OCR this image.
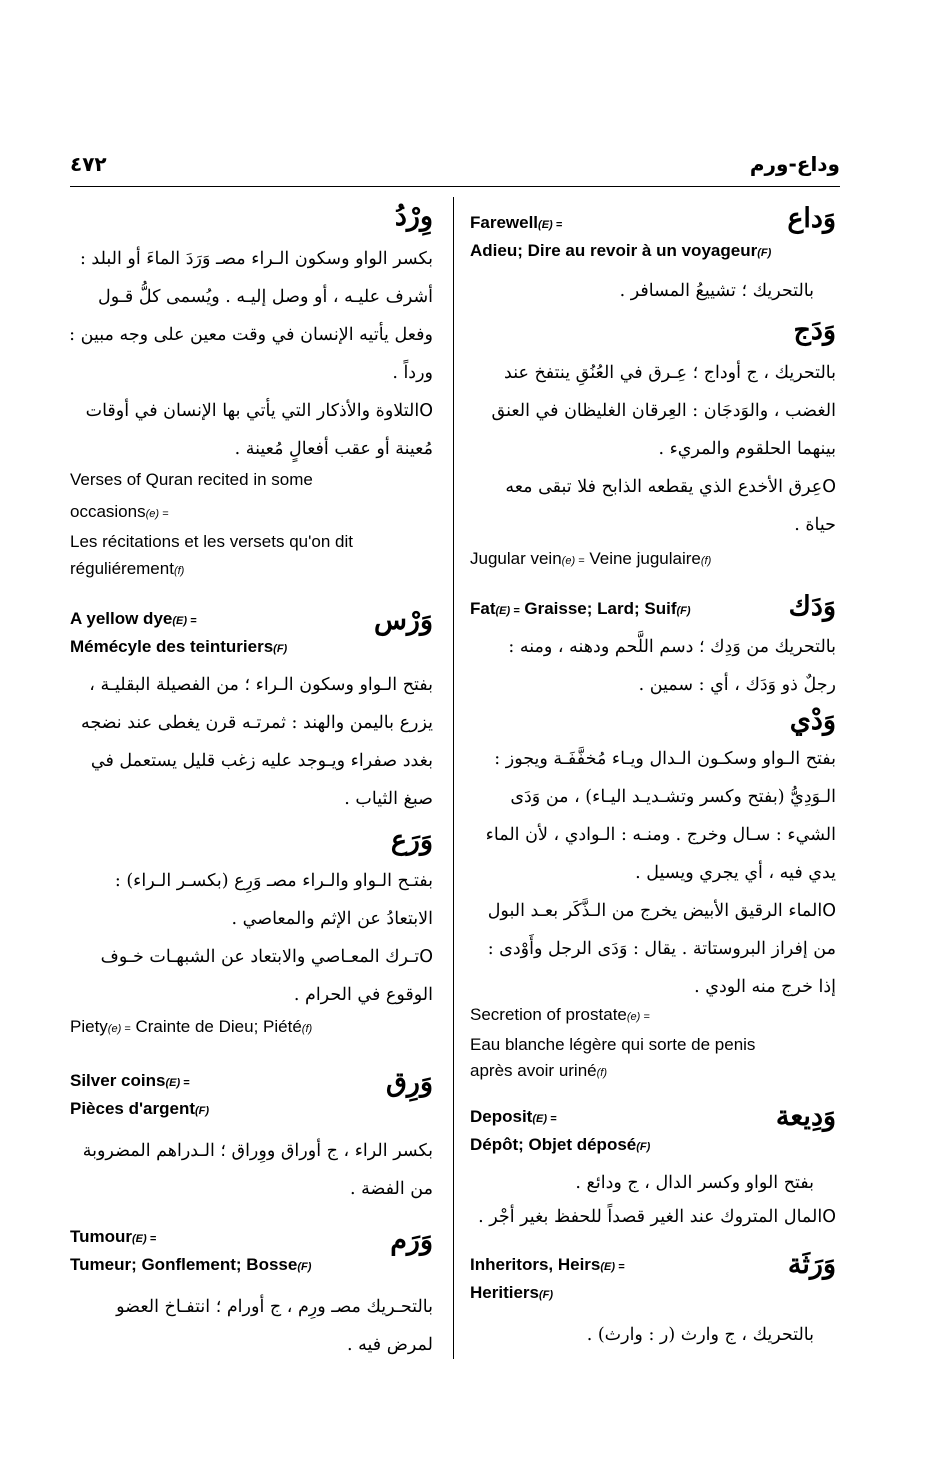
٤٧٢	وداع-ورم
وَداع
Farewell(E) =
Adieu; Dire au revoir à un voyageur(F)
بالتحريك ؛ تشييعُ المسافر .
وَدَج
بالتحريك ، ج أوداج ؛ عِـرق في العُنُقِ ينتفخ عند
الغضب ، والوَدجَان : العِرقان الغليظان في العنق
بينهما الحلقوم والمريء .
Oعِرق الأخدع الذي يقطعه الذابح فلا تبقى معه
حياة .
Jugular vein(e) = Veine jugulaire(f)
وَدَك
Fat(E) = Graisse; Lard; Suif(F)
بالتحريك من وَدِك ؛ دسم اللَّحم ودهنه ، ومنه :
رجلٌ ذو وَدَك ، أي : سمين .
وَدْي
بفتح الـواو وسكـون الـدال ويـاء مُخفَّفَـة ويجوز :
الـوَدِيُّ (بفتح وكسر وتشـديـد اليـاء) ، من وَدَى
الشيء : سـال وخرج . ومنـه : الـوادي ، لأن الماء
يدي فيه ، أي يجري ويسيل .
Oالماء الرقيق الأبيض يخرج من الـذَّكَر بعـد البول
من إفراز البروستاتة . يقال : وَدَى الرجل وأَوْدى :
إذا خرج منه الودي .
Secretion of prostate(e) =
Eau blanche légère qui sorte de penis
après avoir uriné(f)
وَدِيعة
Deposit(E) =
Dépôt; Objet déposé(F)
بفتح الواو وكسر الدال ، ج ودائع .
Oالمال المتروك عند الغير قصداً للحفظ بغير أجْر .
وَرَثَة
Inheritors, Heirs(E) =
Heritiers(F)
بالتحريك ، ج وارث (ر : وارث) .
وِرْدُ
بكسر الواو وسكون الـراء مصـ وَرَدَ الماءَ أو البلد :
أشرف عليـه ، أو وصل إليـه . ويُسمى كلُّ قـول
وفعل يأتيه الإنسان في وقت معين على وجه مبين :
ورداً .
Oالتلاوة والأذكار التي يأتي بها الإنسان في أوقات
مُعينة أو عقب أفعالٍ مُعينة .
Verses of Quran recited in some
occasions(e) =
Les récitations et les versets qu'on dit
réguliérement(f)
وَرْس
A yellow dye(E) =
Mémécyle des teinturiers(F)
بفتح الـواو وسكون الـراء ؛ من الفصيلة البقليـة ،
يزرع باليمن والهند : ثمرتـه قرن يغطى عند نضجه
بغدد صفراء ويـوجد عليه زغب قليل يستعمل في
صبغ الثياب .
وَرَع
بفتـح الـواو والـراء مصـ وَرِع (بكسـر الـراء) :
الابتعادُ عن الإثم والمعاصي .
Oتـرك المعـاصي والابتعاد عن الشبهـات خـوف
الوقوع في الحرام .
Piety(e) = Crainte de Dieu; Piété(f)
وَرِق
Silver coins(E) =
Pièces d'argent(F)
بكسر الراء ، ج أوراق ووِراق ؛ الـدراهم المضروبة
من الفضة .
وَرَم
Tumour(E) =
Tumeur; Gonflement; Bosse(F)
بالتحـريك مصـ ورِم ، ج أورام ؛ انتفـاخ العضو
لمرض فيه .
